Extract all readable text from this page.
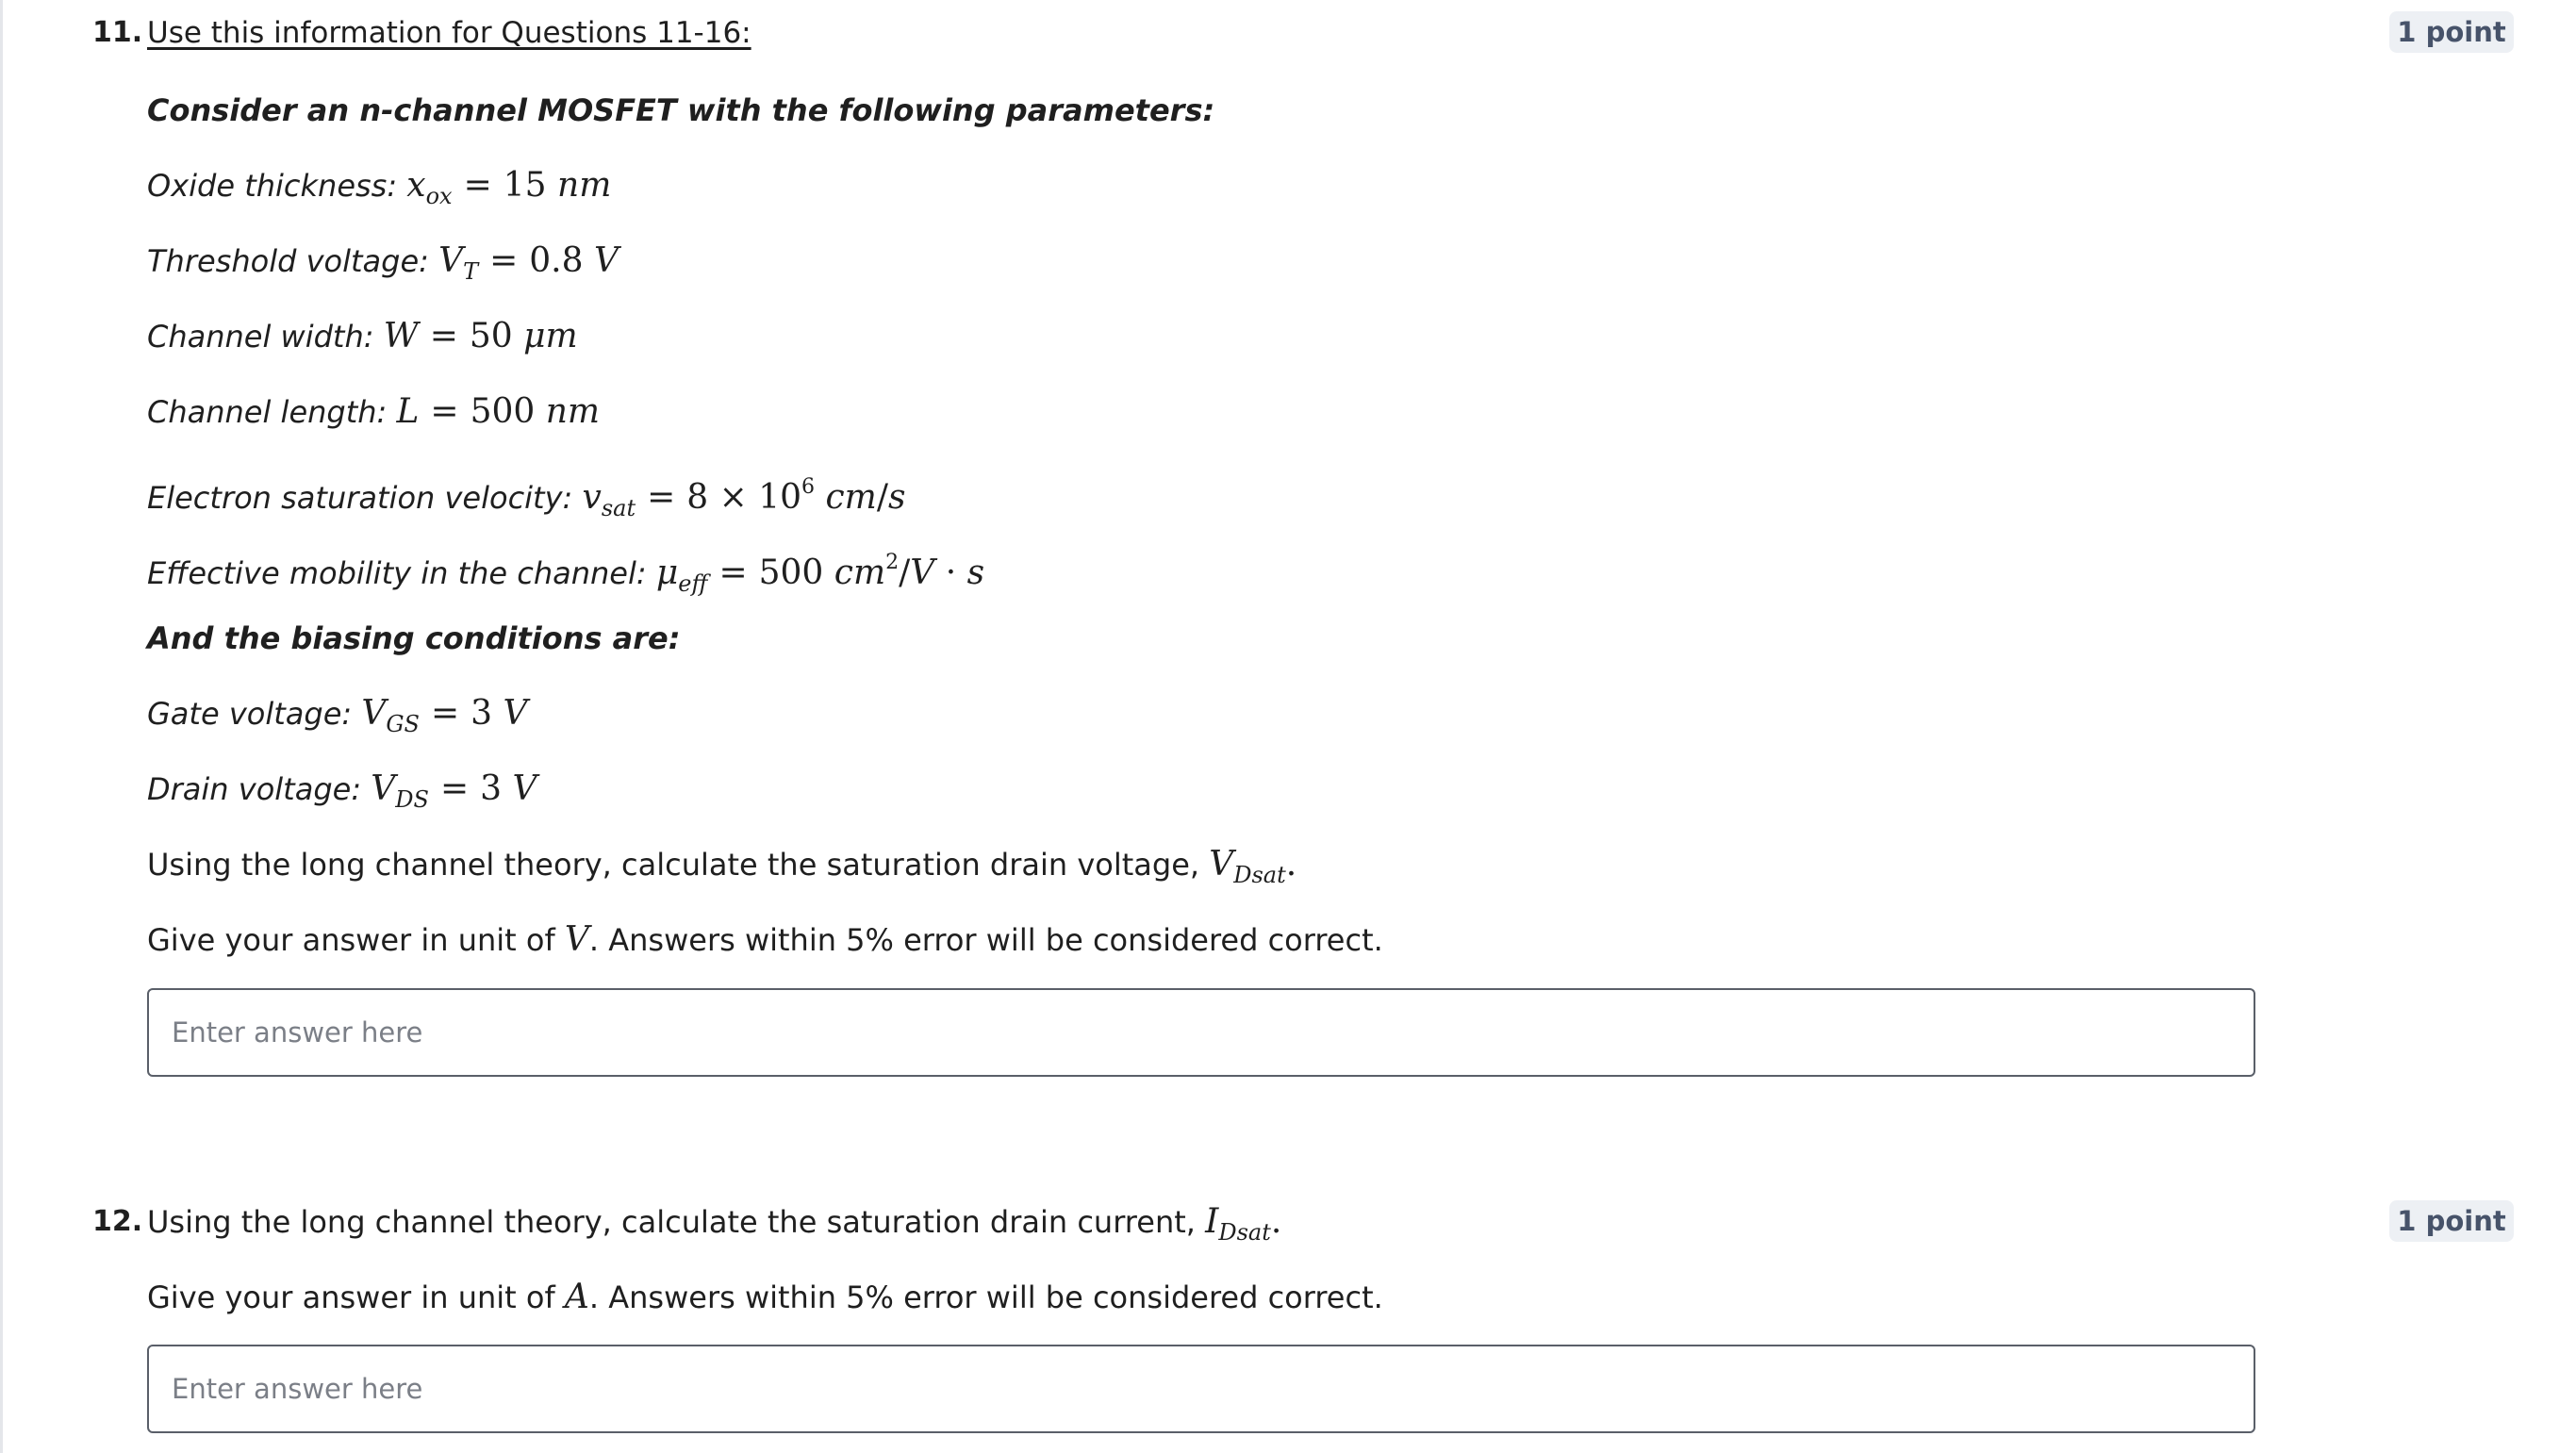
11. Use this information for Questions 11-16:	1 point
Consider an n-channel MOSFET with the following parameters:
Oxide thickness: $x_{ox} = 15$ nm
Threshold voltage: $V_T = 0.8$ V
Channel width: W = 50 μm
Channel length: L = 500 nm
Electron saturation velocity: $v_{sat} = 8 \times 10^6$ cm/s
Effective mobility in the channel: $\mu_{eff} = 500$ $cm^2/V \cdot s$
And the biasing conditions are:
Gate voltage: $V_{GS} = 3$ V
Drain voltage: $V_{DS} = 3$ V
Using the long channel theory, calculate the saturation drain voltage, $V_{Dsat}$.
Give your answer in unit of V. Answers within 5% error will be considered correct.
Enter answer here
12. Using the long channel theory, calculate the saturation drain current, $I_{Dsat}$.	1 point
Give your answer in unit of A. Answers within 5% error will be considered correct.
Enter answer here
